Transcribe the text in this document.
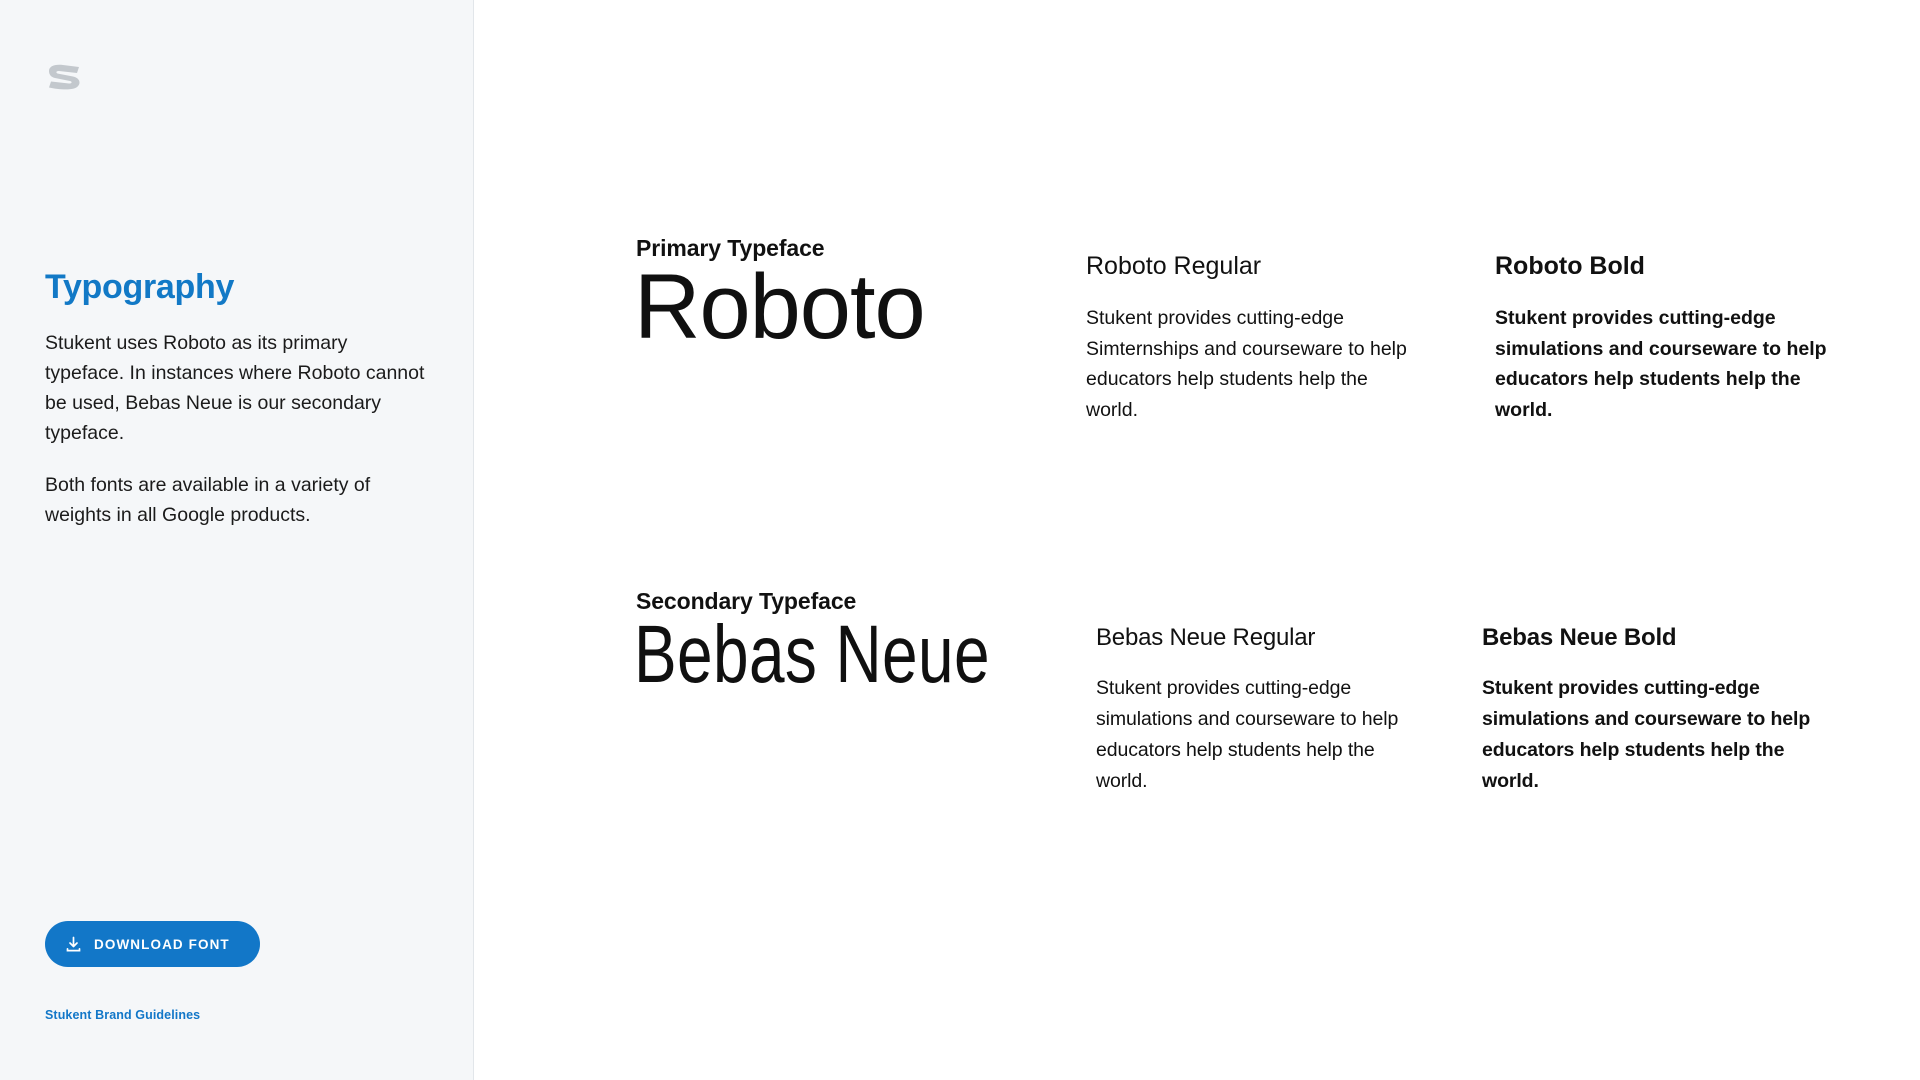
Typography

Stukent uses Roboto as its primary typeface. In instances where Roboto cannot be used, Bebas Neue is our secondary typeface.

Both fonts are available in a variety of weights in all Google products.

DOWNLOAD FONT
Stukent Brand Guidelines
Primary Typeface
Roboto	Roboto Regular

Stukent provides cutting-edge Simternships and courseware to help educators help students help the world.

Roboto Bold

Stukent provides cutting-edge simulations and courseware to help educators help students help the world.

Secondary Typeface
Bebas Neue	Bebas Neue Regular

Stukent provides cutting-edge simulations and courseware to help educators help students help the world.

Bebas Neue Bold

Stukent provides cutting-edge simulations and courseware to help educators help students help the world.
